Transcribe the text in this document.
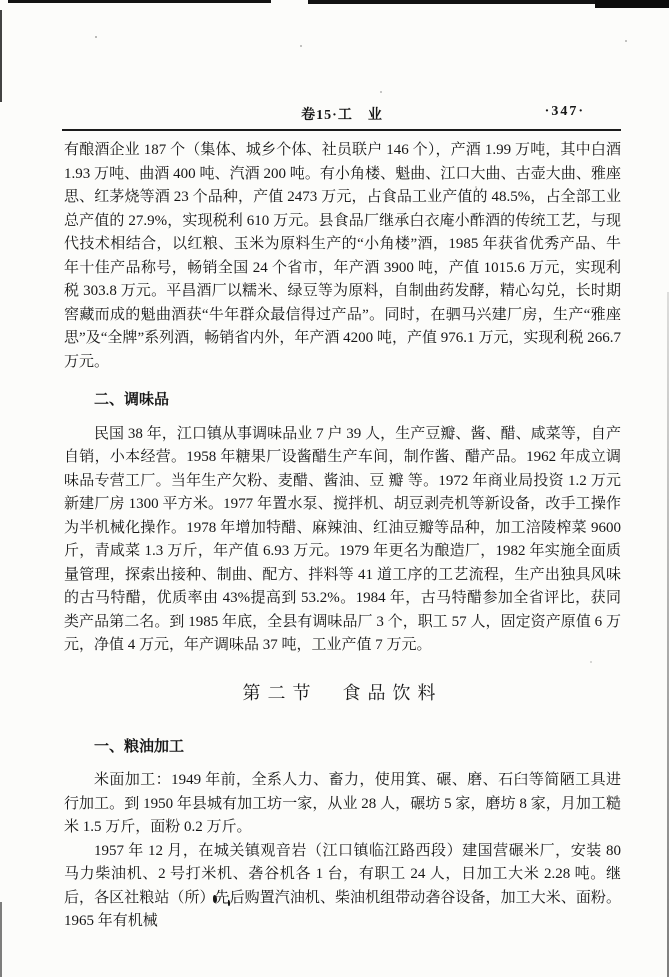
卷15·工　业	·347·

有酿酒企业 187 个（集体、城乡个体、社员联户 146 个），产酒 1.99 万吨，其中白酒 1.93 万吨、曲酒 400 吨、汽酒 200 吨。有小角楼、魁曲、江口大曲、古壶大曲、雅座思、红茅烧等酒 23 个品种，产值 2473 万元，占食品工业产值的 48.5%，占全部工业总产值的 27.9%，实现税利 610 万元。县食品厂继承白衣庵小酢酒的传统工艺，与现代技术相结合，以红粮、玉米为原料生产的“小角楼”酒，1985 年获省优秀产品、牛年十佳产品称号，畅销全国 24 个省市，年产酒 3900 吨，产值 1015.6 万元，实现利税 303.8 万元。平昌酒厂以糯米、绿豆等为原料，自制曲药发酵，精心勾兑，长时期窖藏而成的魁曲酒获“牛年群众最信得过产品”。同时，在驷马兴建厂房，生产“雅座思”及“全牌”系列酒，畅销省内外，年产酒 4200 吨，产值 976.1 万元，实现利税 266.7 万元。

二、调味品

民国 38 年，江口镇从事调味品业 7 户 39 人，生产豆瓣、酱、醋、咸菜等，自产自销，小本经营。1958 年糖果厂设酱醋生产车间，制作酱、醋产品。1962 年成立调味品专营工厂。当年生产欠粉、麦醋、酱油、豆 瓣 等。1972 年商业局投资 1.2 万元新建厂房 1300 平方米。1977 年置水泵、搅拌机、胡豆剥壳机等新设备，改手工操作为半机械化操作。1978 年增加特醋、麻辣油、红油豆瓣等品种，加工涪陵榨菜 9600 斤，青咸菜 1.3 万斤，年产值 6.93 万元。1979 年更名为酿造厂，1982 年实施全面质量管理，探索出接种、制曲、配方、拌料等 41 道工序的工艺流程，生产出独具风味的古马特醋，优质率由 43%提高到 53.2%。1984 年，古马特醋参加全省评比，获同类产品第二名。到 1985 年底，全县有调味品厂 3 个，职工 57 人，固定资产原值 6 万元，净值 4 万元，年产调味品 37 吨，工业产值 7 万元。

第二节　食品饮料
一、粮油加工

米面加工：1949 年前，全系人力、畜力，使用箕、碾、磨、石臼等简陋工具进行加工。到 1950 年县城有加工坊一家，从业 28 人，碾坊 5 家，磨坊 8 家，月加工糙米 1.5 万斤，面粉 0.2 万斤。

1957 年 12 月，在城关镇观音岩（江口镇临江路西段）建国营碾米厂，安装 80 马力柴油机、2 号打米机、砻谷机各 1 台，有职工 24 人，日加工大米 2.28 吨。继后，各区社粮站（所）先后购置汽油机、柴油机组带动砻谷设备，加工大米、面粉。1965 年有机械
